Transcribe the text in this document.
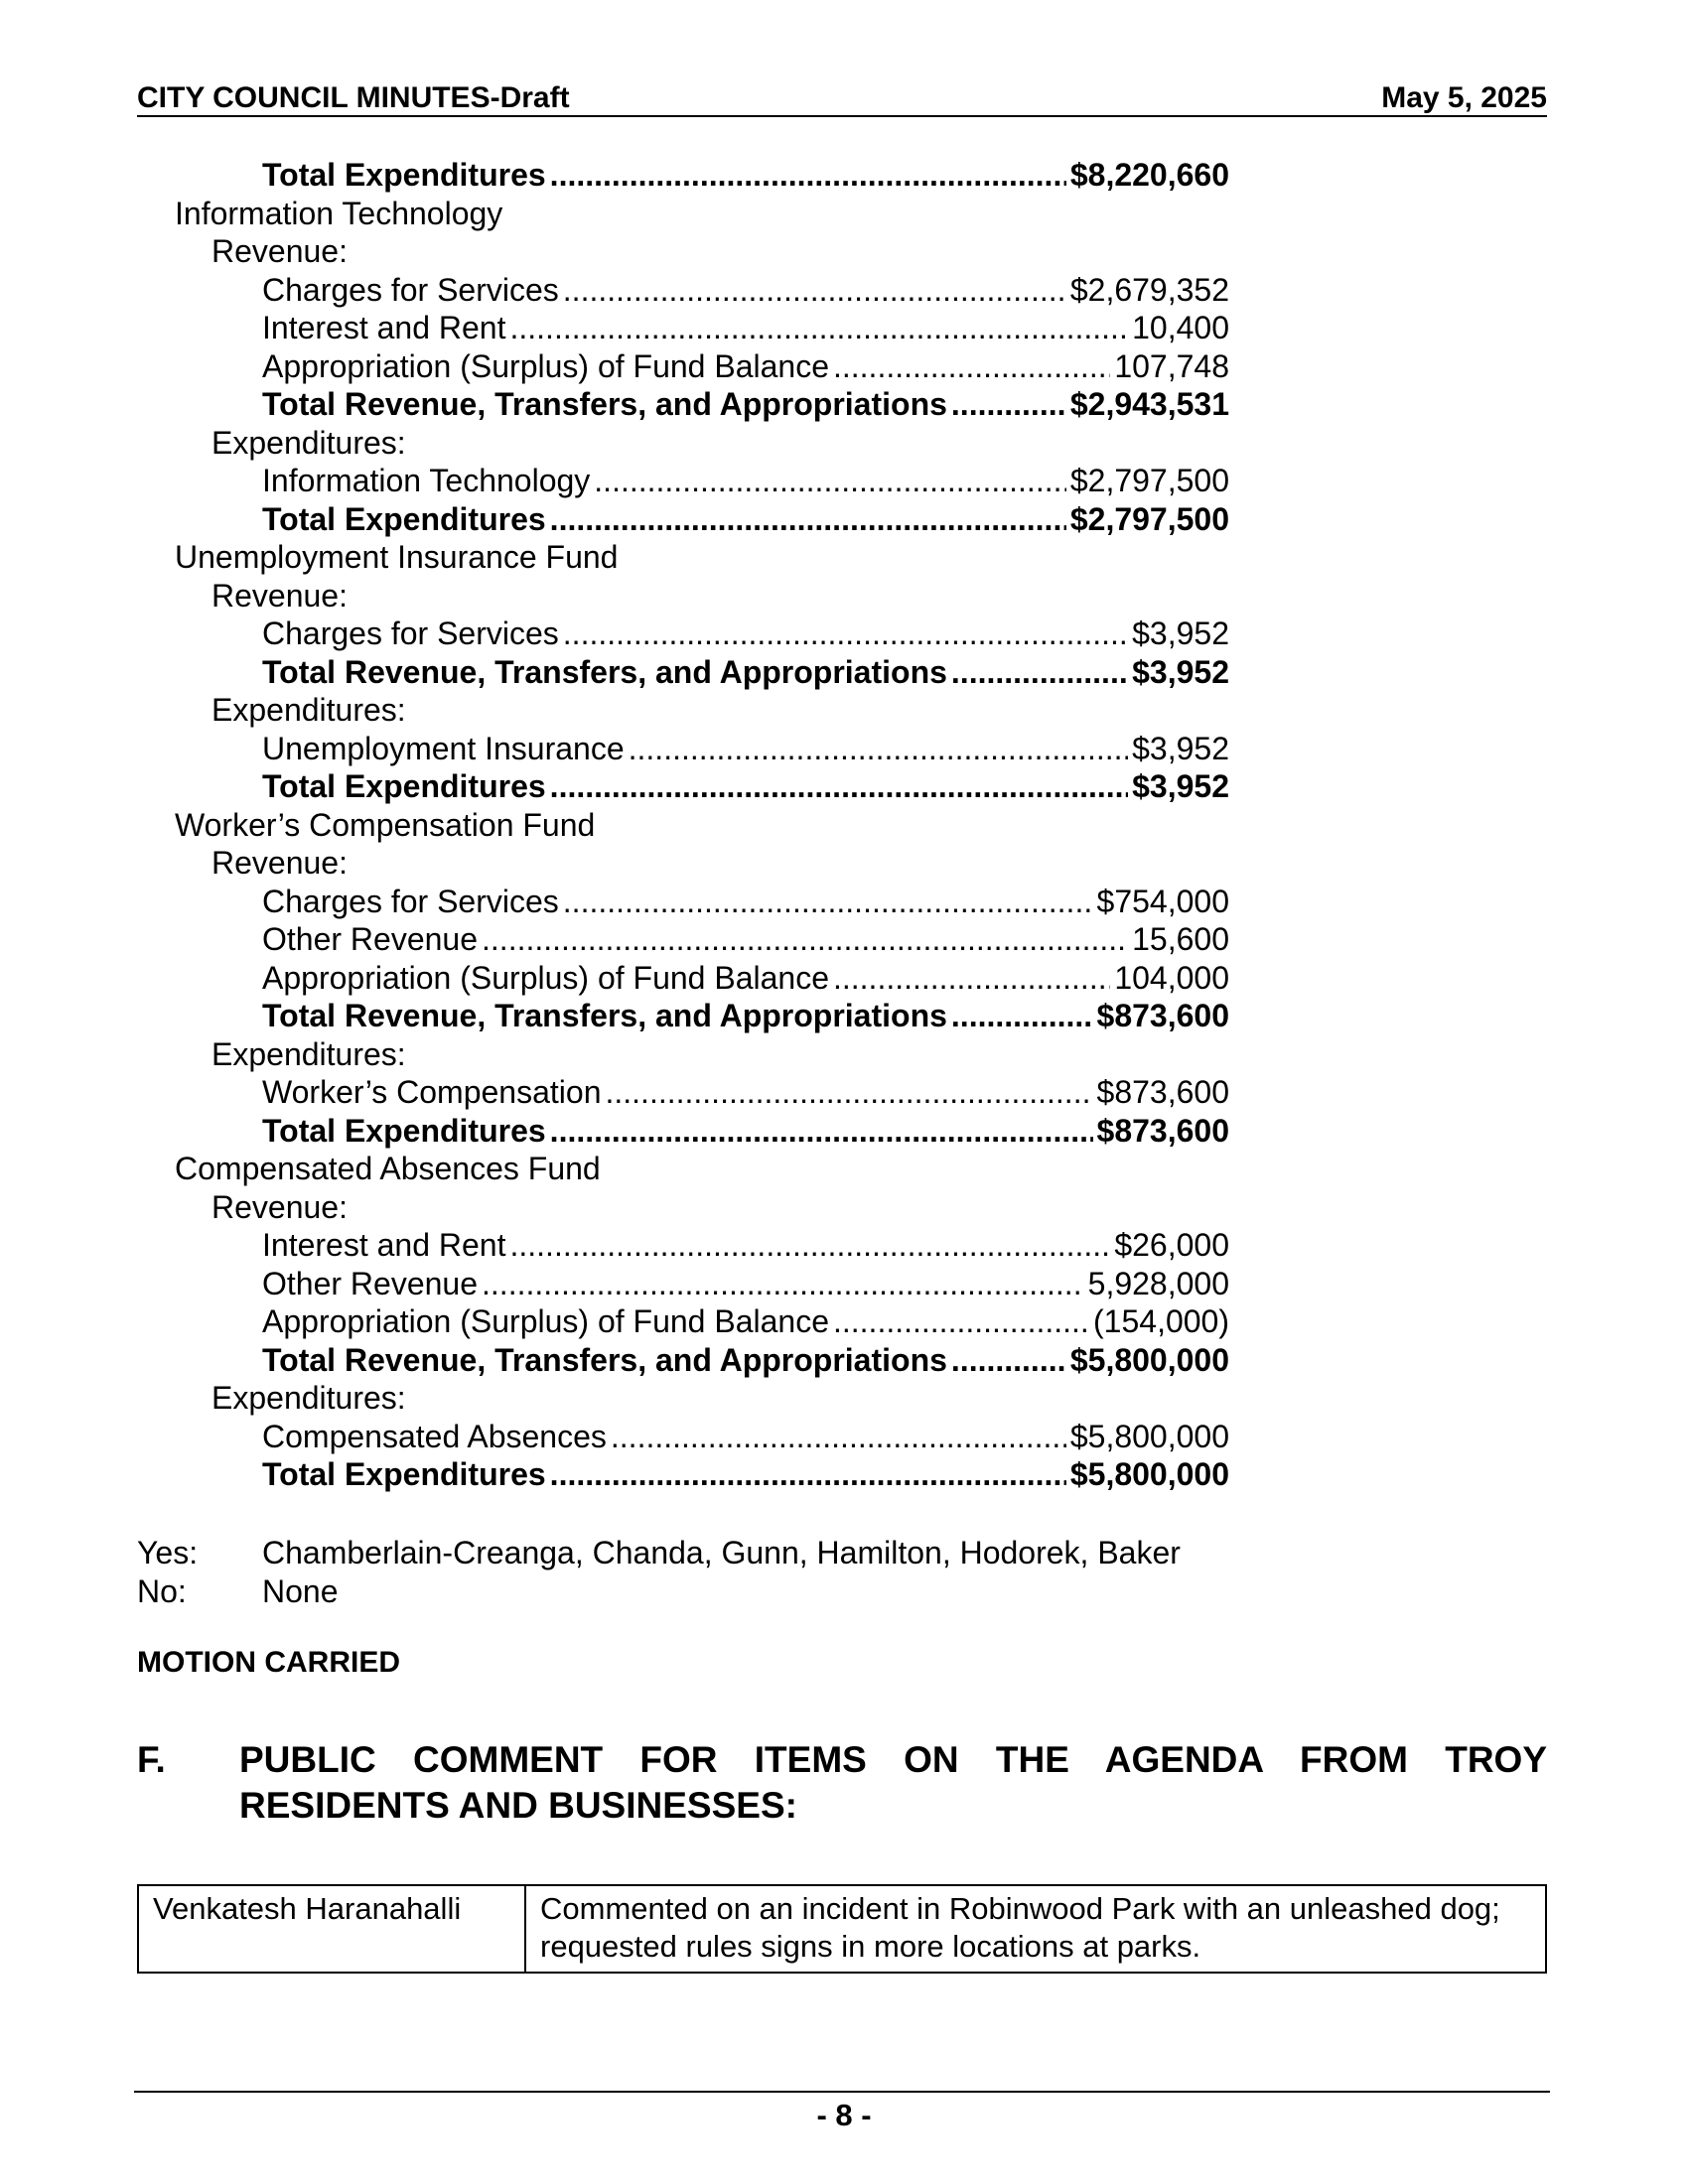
CITY COUNCIL MINUTES-Draft	May 5, 2025
Total Expenditures .....	$8,220,660
Information Technology
Revenue:
Charges for Services .....	$2,679,352
Interest and Rent .....	10,400
Appropriation (Surplus) of Fund Balance .....	107,748
Total Revenue, Transfers, and Appropriations .....	$2,943,531
Expenditures:
Information Technology .....	$2,797,500
Total Expenditures .....	$2,797,500
Unemployment Insurance Fund
Revenue:
Charges for Services .....	$3,952
Total Revenue, Transfers, and Appropriations .....	$3,952
Expenditures:
Unemployment Insurance .....	$3,952
Total Expenditures .....	$3,952
Worker’s Compensation Fund
Revenue:
Charges for Services .....	$754,000
Other Revenue .....	15,600
Appropriation (Surplus) of Fund Balance .....	104,000
Total Revenue, Transfers, and Appropriations .....	$873,600
Expenditures:
Worker’s Compensation .....	$873,600
Total Expenditures .....	$873,600
Compensated Absences Fund
Revenue:
Interest and Rent .....	$26,000
Other Revenue .....	5,928,000
Appropriation (Surplus) of Fund Balance .....	(154,000)
Total Revenue, Transfers, and Appropriations .....	$5,800,000
Expenditures:
Compensated Absences .....	$5,800,000
Total Expenditures .....	$5,800,000
Yes:	Chamberlain-Creanga, Chanda, Gunn, Hamilton, Hodorek, Baker
No:	None
MOTION CARRIED
F. PUBLIC COMMENT FOR ITEMS ON THE AGENDA FROM TROY RESIDENTS AND BUSINESSES:
Venkatesh Haranahalli	Commented on an incident in Robinwood Park with an unleashed dog; requested rules signs in more locations at parks.
- 8 -
